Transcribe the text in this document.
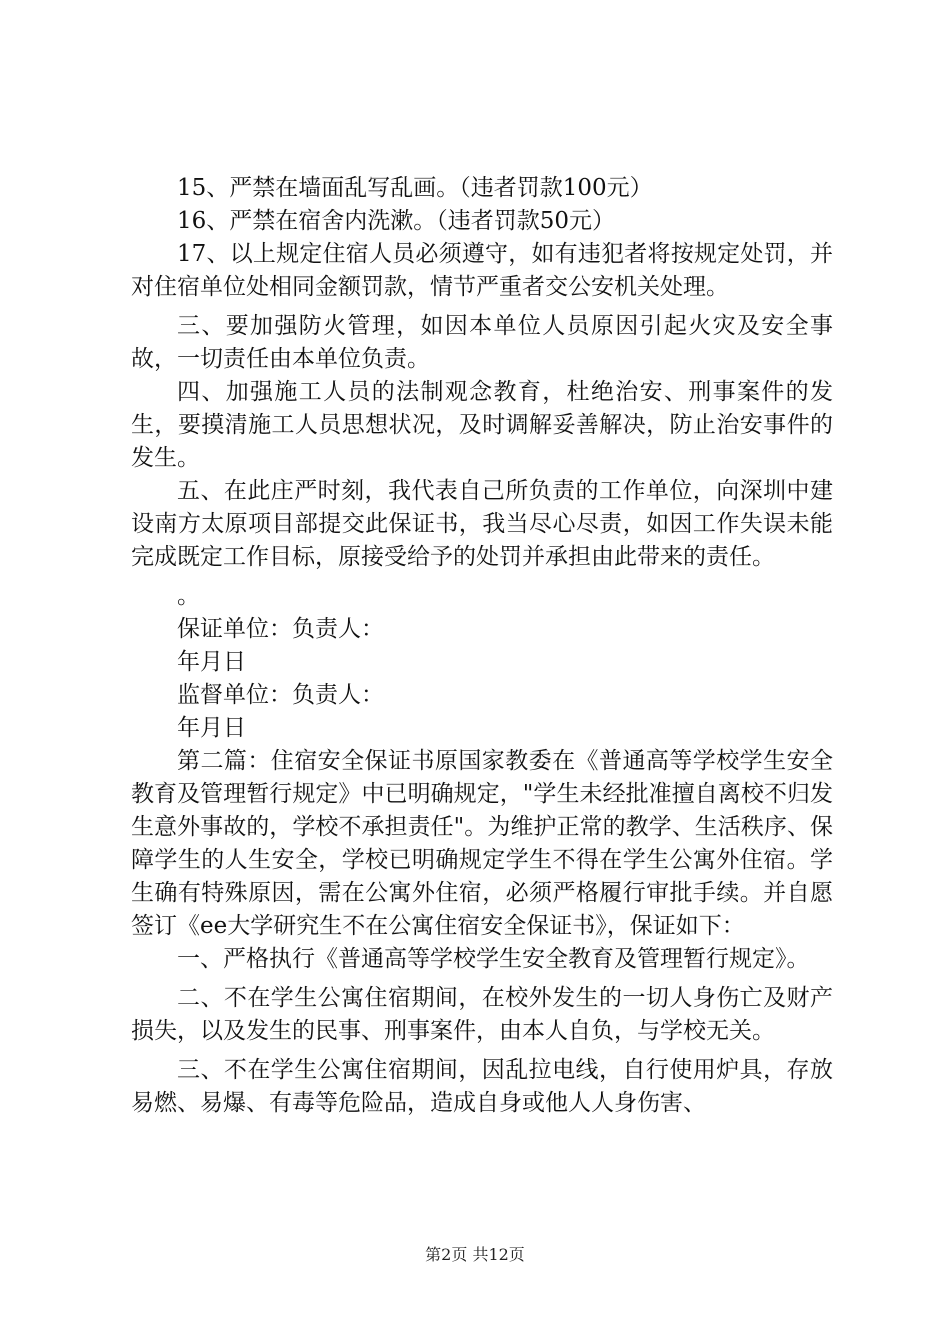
15、严禁在墙面乱写乱画。（违者罚款100元）

16、严禁在宿舍内洗漱。（违者罚款50元）

17、以上规定住宿人员必须遵守，如有违犯者将按规定处罚，并对住宿单位处相同金额罚款，情节严重者交公安机关处理。

三、要加强防火管理，如因本单位人员原因引起火灾及安全事故，一切责任由本单位负责。

四、加强施工人员的法制观念教育，杜绝治安、刑事案件的发生，要摸清施工人员思想状况，及时调解妥善解决，防止治安事件的发生。

五、在此庄严时刻，我代表自己所负责的工作单位，向深圳中建设南方太原项目部提交此保证书，我当尽心尽责，如因工作失误未能完成既定工作目标，原接受给予的处罚并承担由此带来的责任。

。

保证单位：负责人：

年月日

监督单位：负责人：

年月日

第二篇：住宿安全保证书原国家教委在《普通高等学校学生安全教育及管理暂行规定》中已明确规定，"学生未经批准擅自离校不归发生意外事故的，学校不承担责任"。为维护正常的教学、生活秩序、保障学生的人生安全，学校已明确规定学生不得在学生公寓外住宿。学生确有特殊原因，需在公寓外住宿，必须严格履行审批手续。并自愿签订《ee大学研究生不在公寓住宿安全保证书》，保证如下：

一、严格执行《普通高等学校学生安全教育及管理暂行规定》。

二、不在学生公寓住宿期间，在校外发生的一切人身伤亡及财产损失，以及发生的民事、刑事案件，由本人自负，与学校无关。

三、不在学生公寓住宿期间，因乱拉电线，自行使用炉具，存放易燃、易爆、有毒等危险品，造成自身或他人人身伤害、

第2页 共12页
